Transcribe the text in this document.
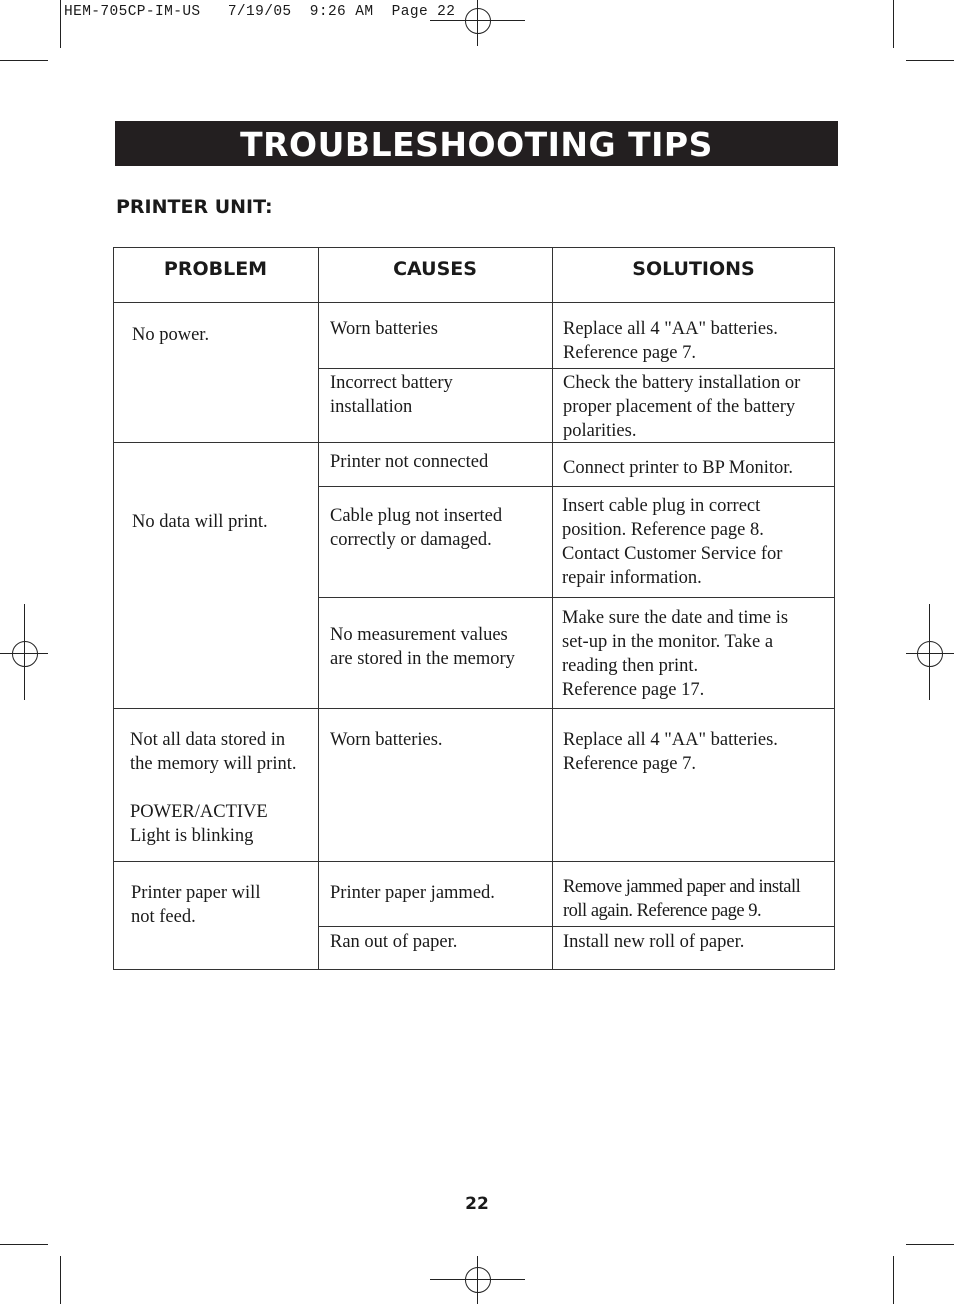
HEM-705CP-IM-US   7/19/05  9:26 AM  Page 22
TROUBLESHOOTING TIPS
PRINTER UNIT:
PROBLEM	CAUSES	SOLUTIONS
No power.
No data will print.
Not all data stored in
the memory will print.

POWER/ACTIVE
Light is blinking
Printer paper will
not feed.
Worn batteries
Incorrect battery
installation
Printer not connected
Cable plug not inserted
correctly or damaged.
No measurement values
are stored in the memory
Worn batteries.
Printer paper jammed.
Ran out of paper.
Replace all 4 "AA" batteries.
Reference page 7.
Check the battery installation or
proper placement of the battery
polarities.
Connect printer to BP Monitor.
Insert cable plug in correct
position. Reference page 8.
Contact Customer Service for
repair information.
Make sure the date and time is
set-up in the monitor. Take a
reading then print.
Reference page 17.
Replace all 4 "AA" batteries.
Reference page 7.
Remove jammed paper and install
roll again. Reference page 9.
Install new roll of paper.
22
